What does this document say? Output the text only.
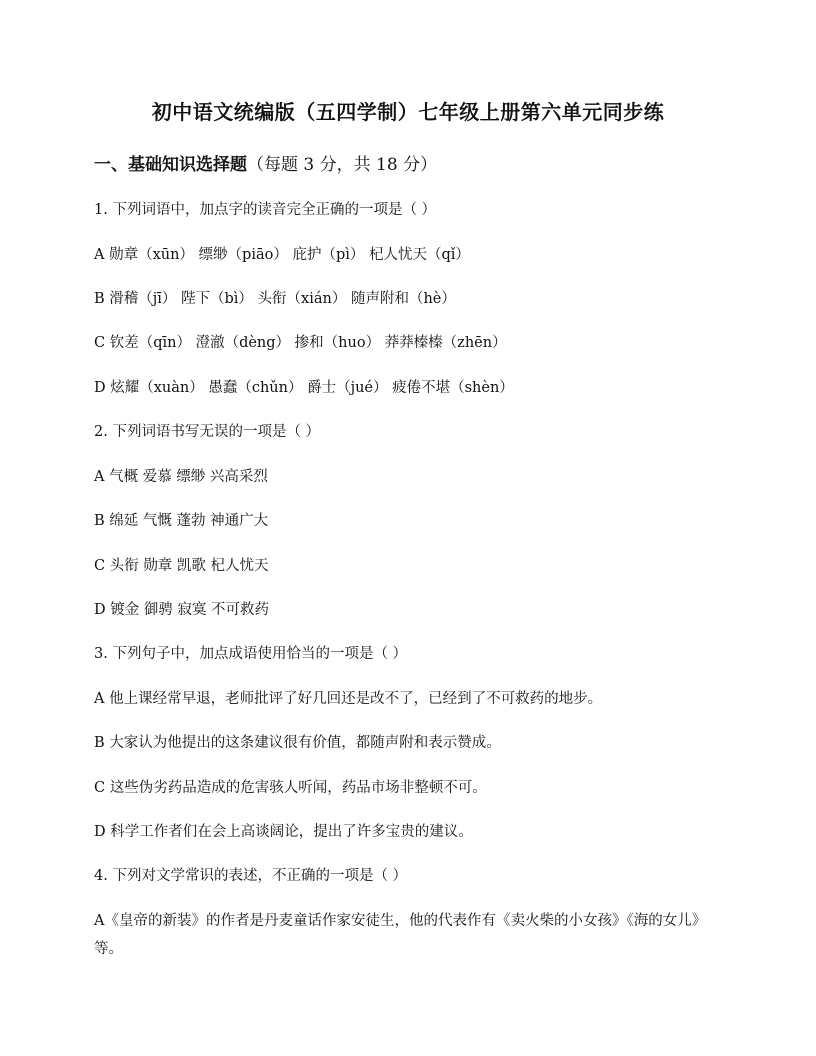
初中语文统编版（五四学制）七年级上册第六单元同步练
一、基础知识选择题（每题 3 分，共 18 分）
1. 下列词语中，加点字的读音完全正确的一项是（ ）
A 勋章（xūn） 缥缈（piāo） 庇护（pì） 杞人忧天（qǐ）
B 滑稽（jī） 陛下（bì） 头衔（xián） 随声附和（hè）
C 钦差（qīn） 澄澈（dèng） 掺和（huo） 莽莽榛榛（zhēn）
D 炫耀（xuàn） 愚蠢（chǔn） 爵士（jué） 疲倦不堪（shèn）
2. 下列词语书写无误的一项是（ ）
A 气概 爱慕 缥缈 兴高采烈
B 绵延 气慨 蓬勃 神通广大
C 头衔 勋章 凯歌 杞人忧天
D 镀金 御骋 寂寞 不可救药
3. 下列句子中，加点成语使用恰当的一项是（ ）
A 他上课经常早退，老师批评了好几回还是改不了，已经到了不可救药的地步。
B 大家认为他提出的这条建议很有价值，都随声附和表示赞成。
C 这些伪劣药品造成的危害骇人听闻，药品市场非整顿不可。
D 科学工作者们在会上高谈阔论，提出了许多宝贵的建议。
4. 下列对文学常识的表述，不正确的一项是（ ）
A《皇帝的新装》的作者是丹麦童话作家安徒生，他的代表作有《卖火柴的小女孩》《海的女儿》等。
